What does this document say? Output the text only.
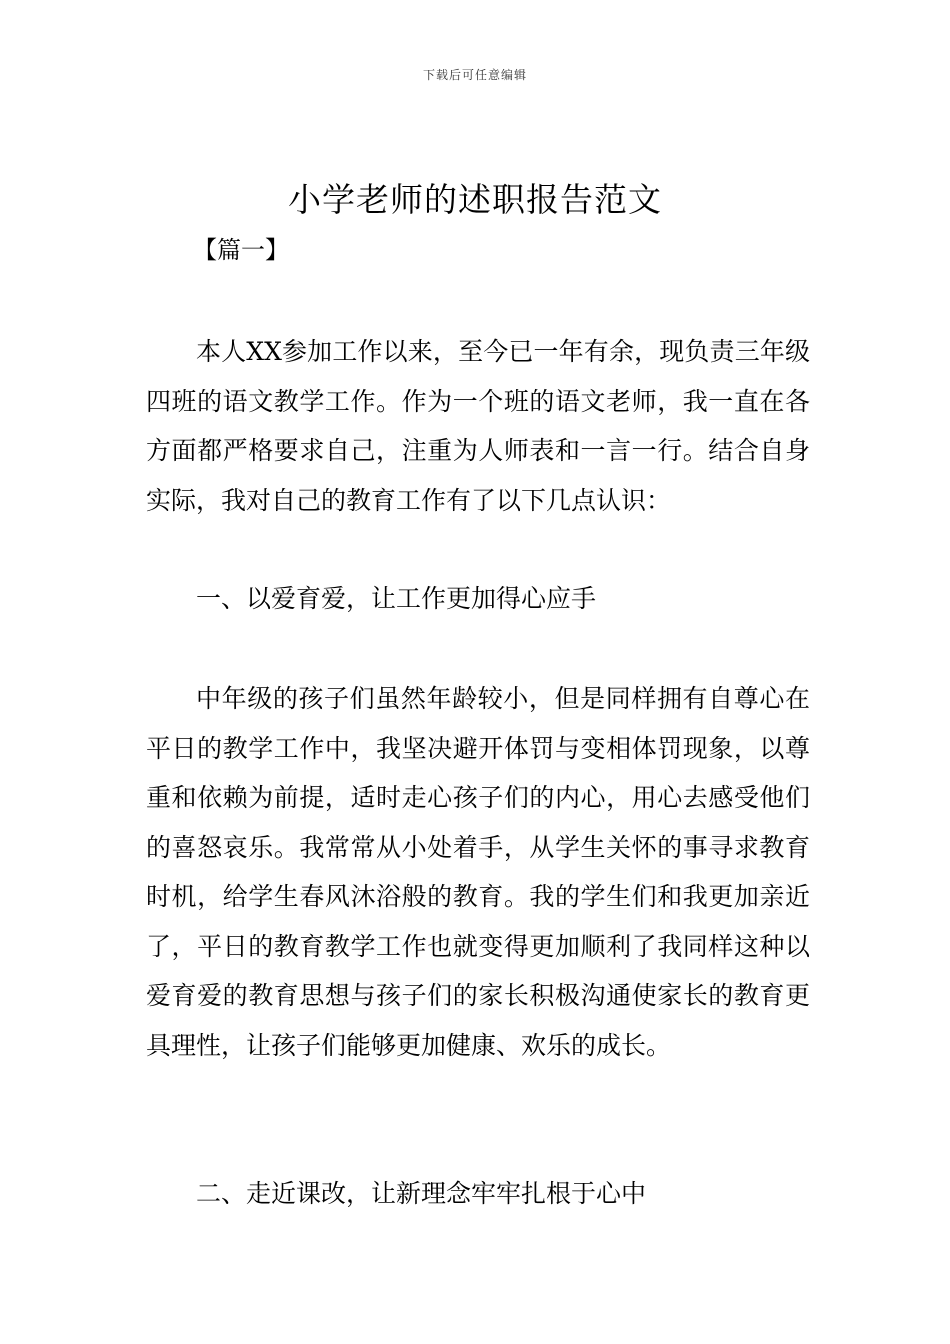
下载后可任意编辑
小学老师的述职报告范文
【篇一】

本人XX参加工作以来，至今已一年有余，现负责三年级四班的语文教学工作。作为一个班的语文老师，我一直在各方面都严格要求自己，注重为人师表和一言一行。结合自身实际，我对自己的教育工作有了以下几点认识：

一、以爱育爱，让工作更加得心应手

中年级的孩子们虽然年龄较小，但是同样拥有自尊心在平日的教学工作中，我坚决避开体罚与变相体罚现象，以尊重和依赖为前提，适时走心孩子们的内心，用心去感受他们的喜怒哀乐。我常常从小处着手，从学生关怀的事寻求教育时机，给学生春风沐浴般的教育。我的学生们和我更加亲近了，平日的教育教学工作也就变得更加顺利了我同样这种以爱育爱的教育思想与孩子们的家长积极沟通使家长的教育更具理性，让孩子们能够更加健康、欢乐的成长。

二、走近课改，让新理念牢牢扎根于心中
